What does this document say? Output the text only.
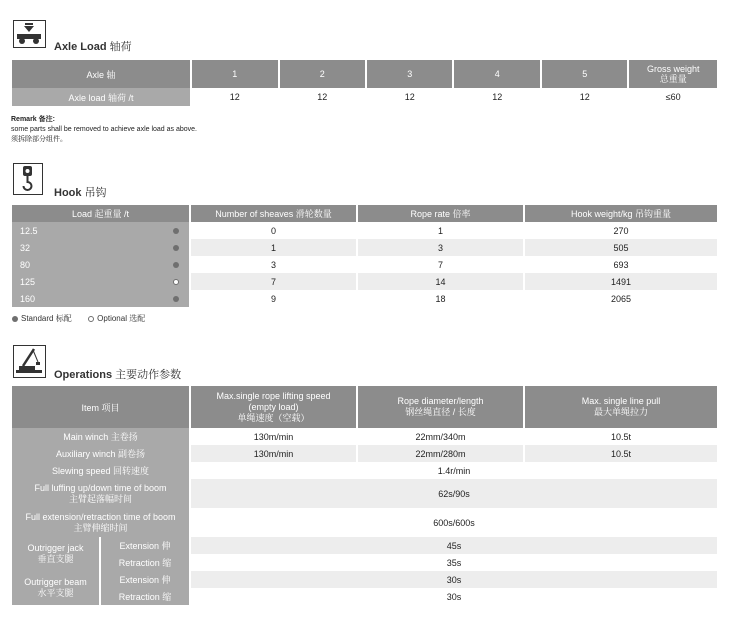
Axle Load 轴荷
Axle 轴	1	2	3	4	5	Gross weight
总重量
Axle load 轴荷 /t	12	12	12	12	12	≤60
Remark 备注:
some parts shall be removed to achieve axle load as above.
须拆除部分组件。
Hook 吊钩
Load 起重量 /t	Number of sheaves 滑轮数量	Rope rate 倍率	Hook weight/kg 吊钩重量
12.5	0	1	270
32	1	3	505
80	3	7	693
125	7	14	1491
160	9	18	2065
Standard 标配	Optional 选配
Operations 主要动作参数
Item 项目		Max.single rope lifting speed
(empty load)
单绳速度（空载）	Rope diameter/length
钢丝绳直径 / 长度	Max. single line pull
最大单绳拉力
Main winch 主卷扬		130m/min	22mm/340m	10.5t
Auxiliary winch 副卷扬		130m/min	22mm/280m	10.5t
Slewing speed 回转速度		1.4r/min		
Full luffing up/down time of boom
主臂起落幅时间		62s/90s		
Full extension/retraction time of boom
主臂伸缩时间		600s/600s		
Outrigger jack
垂直支腿	Extension 伸	45s		
	Retraction 缩	35s		
Outrigger beam
水平支腿	Extension 伸	30s		
	Retraction 缩	30s		
